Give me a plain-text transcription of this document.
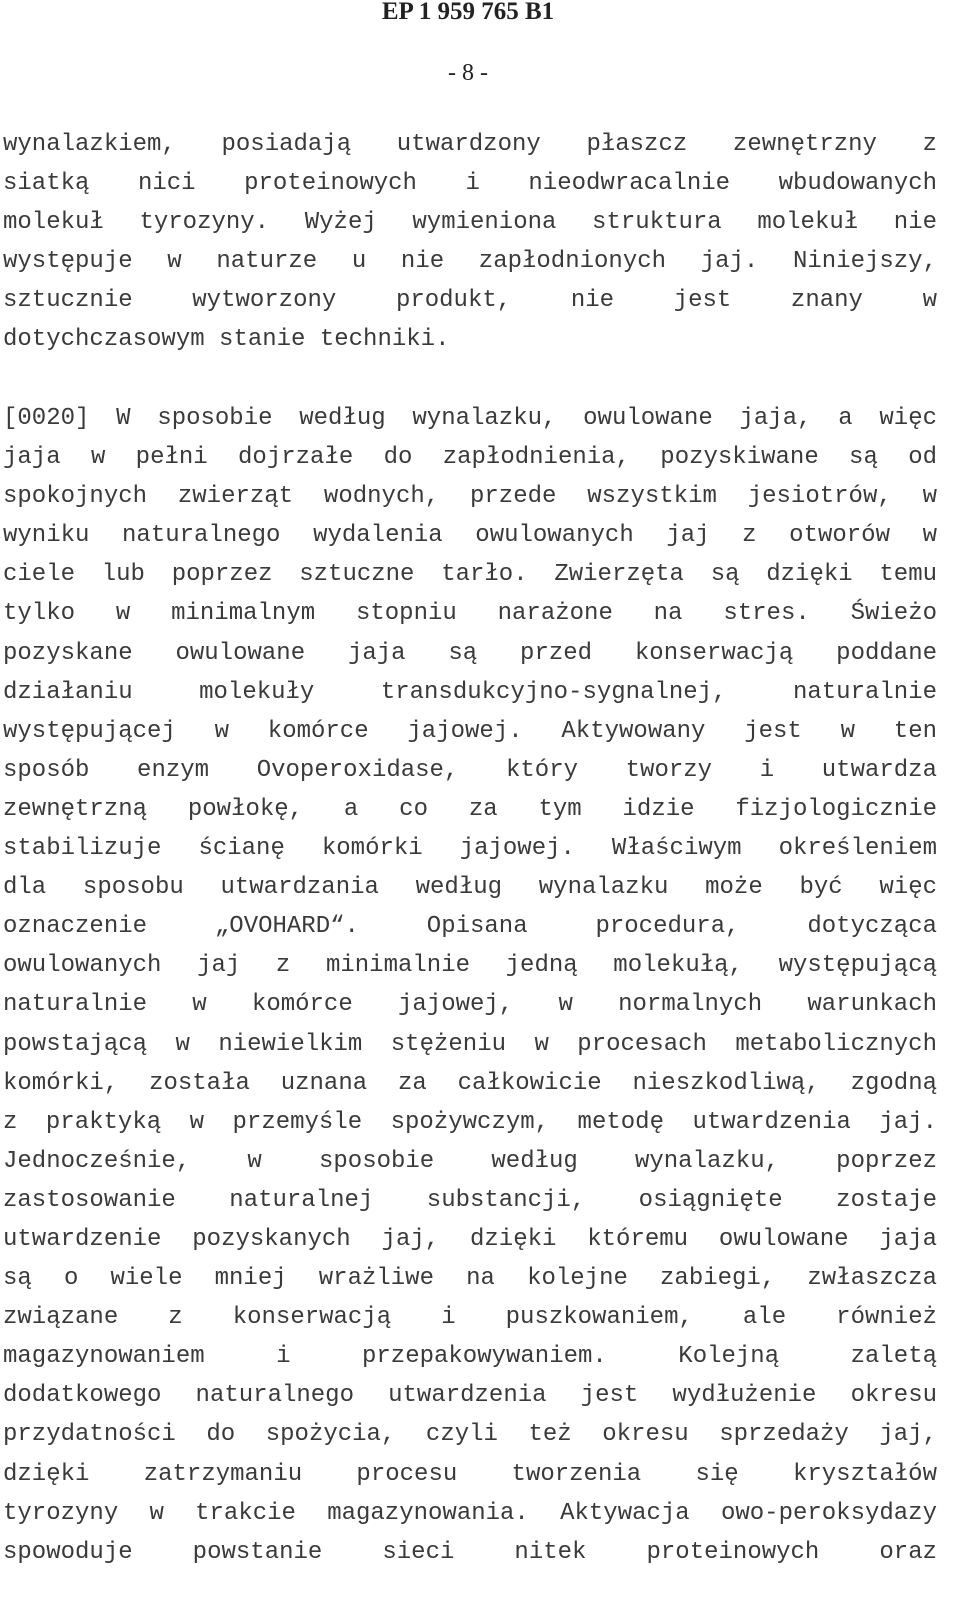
EP 1 959 765 B1
- 8 -

wynalazkiem, posiadają utwardzony płaszcz zewnętrzny z
siatką nici proteinowych i nieodwracalnie wbudowanych
molekuł tyrozyny. Wyżej wymieniona struktura molekuł nie
występuje w naturze u nie zapłodnionych jaj. Niniejszy,
sztucznie wytworzony produkt, nie jest znany w
dotychczasowym stanie techniki.

[0020] W sposobie według wynalazku, owulowane jaja, a więc
jaja w pełni dojrzałe do zapłodnienia, pozyskiwane są od
spokojnych zwierząt wodnych, przede wszystkim jesiotrów, w
wyniku naturalnego wydalenia owulowanych jaj z otworów w
ciele lub poprzez sztuczne tarło. Zwierzęta są dzięki temu
tylko w minimalnym stopniu narażone na stres. Świeżo
pozyskane owulowane jaja są przed konserwacją poddane
działaniu molekuły transdukcyjno-sygnalnej, naturalnie
występującej w komórce jajowej. Aktywowany jest w ten
sposób enzym Ovoperoxidase, który tworzy i utwardza
zewnętrzną powłokę, a co za tym idzie fizjologicznie
stabilizuje ścianę komórki jajowej. Właściwym określeniem
dla sposobu utwardzania według wynalazku może być więc
oznaczenie „OVOHARD“. Opisana procedura, dotycząca
owulowanych jaj z minimalnie jedną molekułą, występującą
naturalnie w komórce jajowej, w normalnych warunkach
powstającą w niewielkim stężeniu w procesach metabolicznych
komórki, została uznana za całkowicie nieszkodliwą, zgodną
z praktyką w przemyśle spożywczym, metodę utwardzenia jaj.
Jednocześnie, w sposobie według wynalazku, poprzez
zastosowanie naturalnej substancji, osiągnięte zostaje
utwardzenie pozyskanych jaj, dzięki któremu owulowane jaja
są o wiele mniej wrażliwe na kolejne zabiegi, zwłaszcza
związane z konserwacją i puszkowaniem, ale również
magazynowaniem i przepakowywaniem. Kolejną zaletą
dodatkowego naturalnego utwardzenia jest wydłużenie okresu
przydatności do spożycia, czyli też okresu sprzedaży jaj,
dzięki zatrzymaniu procesu tworzenia się kryształów
tyrozyny w trakcie magazynowania. Aktywacja owo-peroksydazy
spowoduje powstanie sieci nitek proteinowych oraz
